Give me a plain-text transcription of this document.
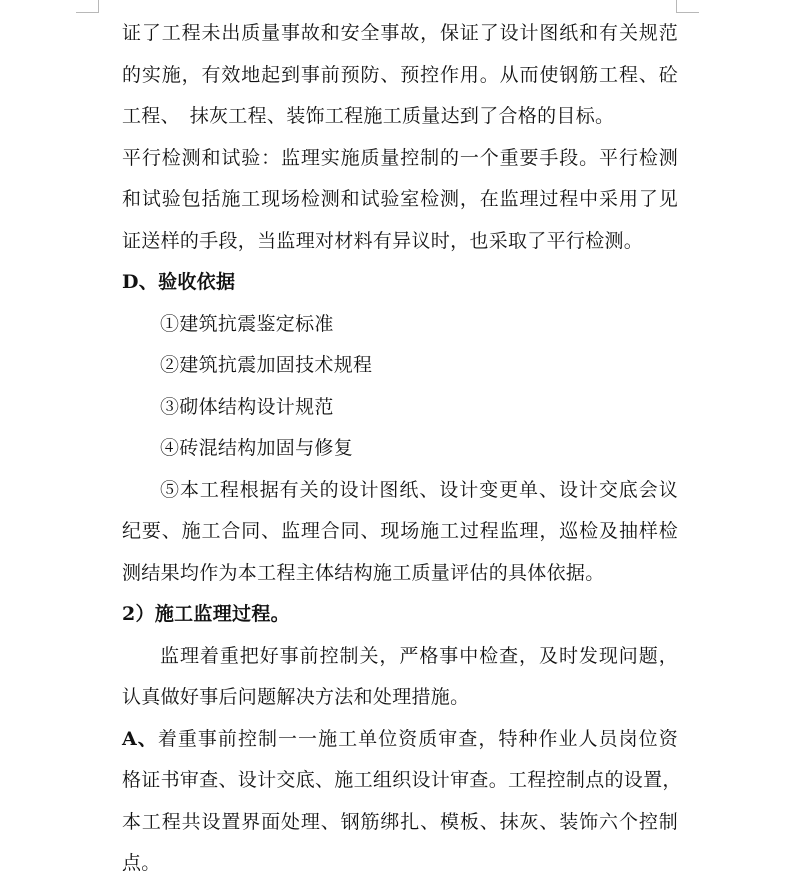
证了工程未出质量事故和安全事故，保证了设计图纸和有关规范
的实施，有效地起到事前预防、预控作用。从而使钢筋工程、砼
工程、　抹灰工程、装饰工程施工质量达到了合格的目标。
平行检测和试验：监理实施质量控制的一个重要手段。平行检测
和试验包括施工现场检测和试验室检测，在监理过程中采用了见
证送样的手段，当监理对材料有异议时，也采取了平行检测。
D、验收依据
①建筑抗震鉴定标准
②建筑抗震加固技术规程
③砌体结构设计规范
④砖混结构加固与修复
⑤本工程根据有关的设计图纸、设计变更单、设计交底会议
纪要、施工合同、监理合同、现场施工过程监理，巡检及抽样检
测结果均作为本工程主体结构施工质量评估的具体依据。
2）施工监理过程。
监理着重把好事前控制关，严格事中检查，及时发现问题，
认真做好事后问题解决方法和处理措施。
A、着重事前控制一一施工单位资质审查，特种作业人员岗位资
格证书审查、设计交底、施工组织设计审查。工程控制点的设置，
本工程共设置界面处理、钢筋绑扎、模板、抹灰、装饰六个控制
点。
